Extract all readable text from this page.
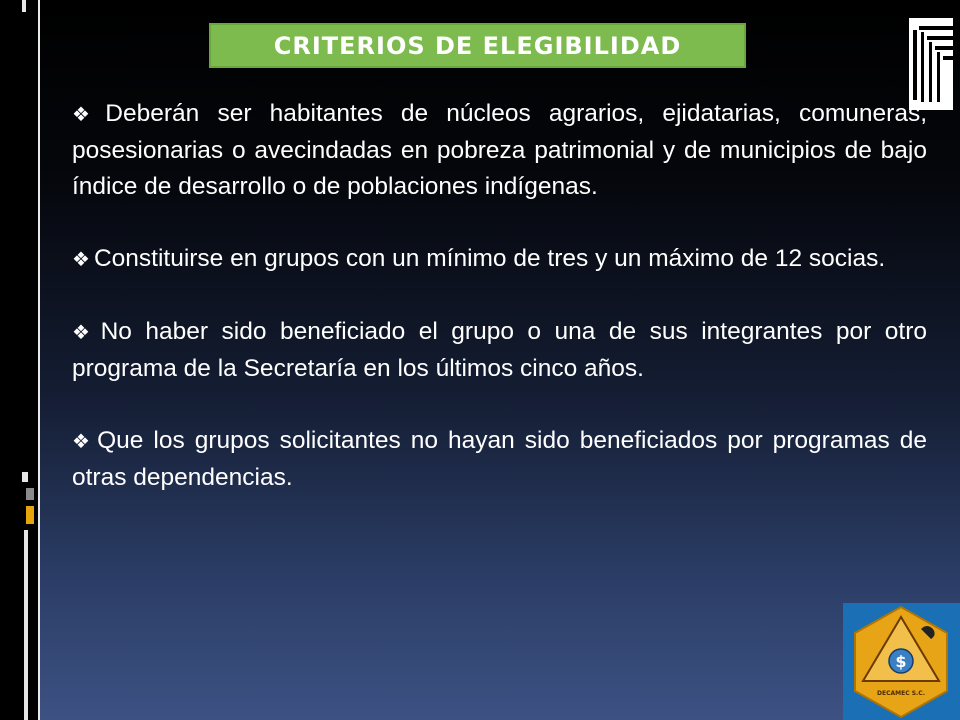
CRITERIOS DE ELEGIBILIDAD

❖ Deberán ser habitantes de núcleos agrarios, ejidatarias, comuneras, posesionarias o avecindadas en pobreza patrimonial y de municipios de bajo índice de desarrollo o de poblaciones indígenas.

❖ Constituirse en grupos con un mínimo de tres y un máximo de 12 socias.

❖ No haber sido beneficiado el grupo o una de sus integrantes por otro programa de la Secretaría en los últimos cinco años.

❖ Que los grupos solicitantes no hayan sido beneficiados por programas de otras dependencias.

$
DECAMEC S.C.
